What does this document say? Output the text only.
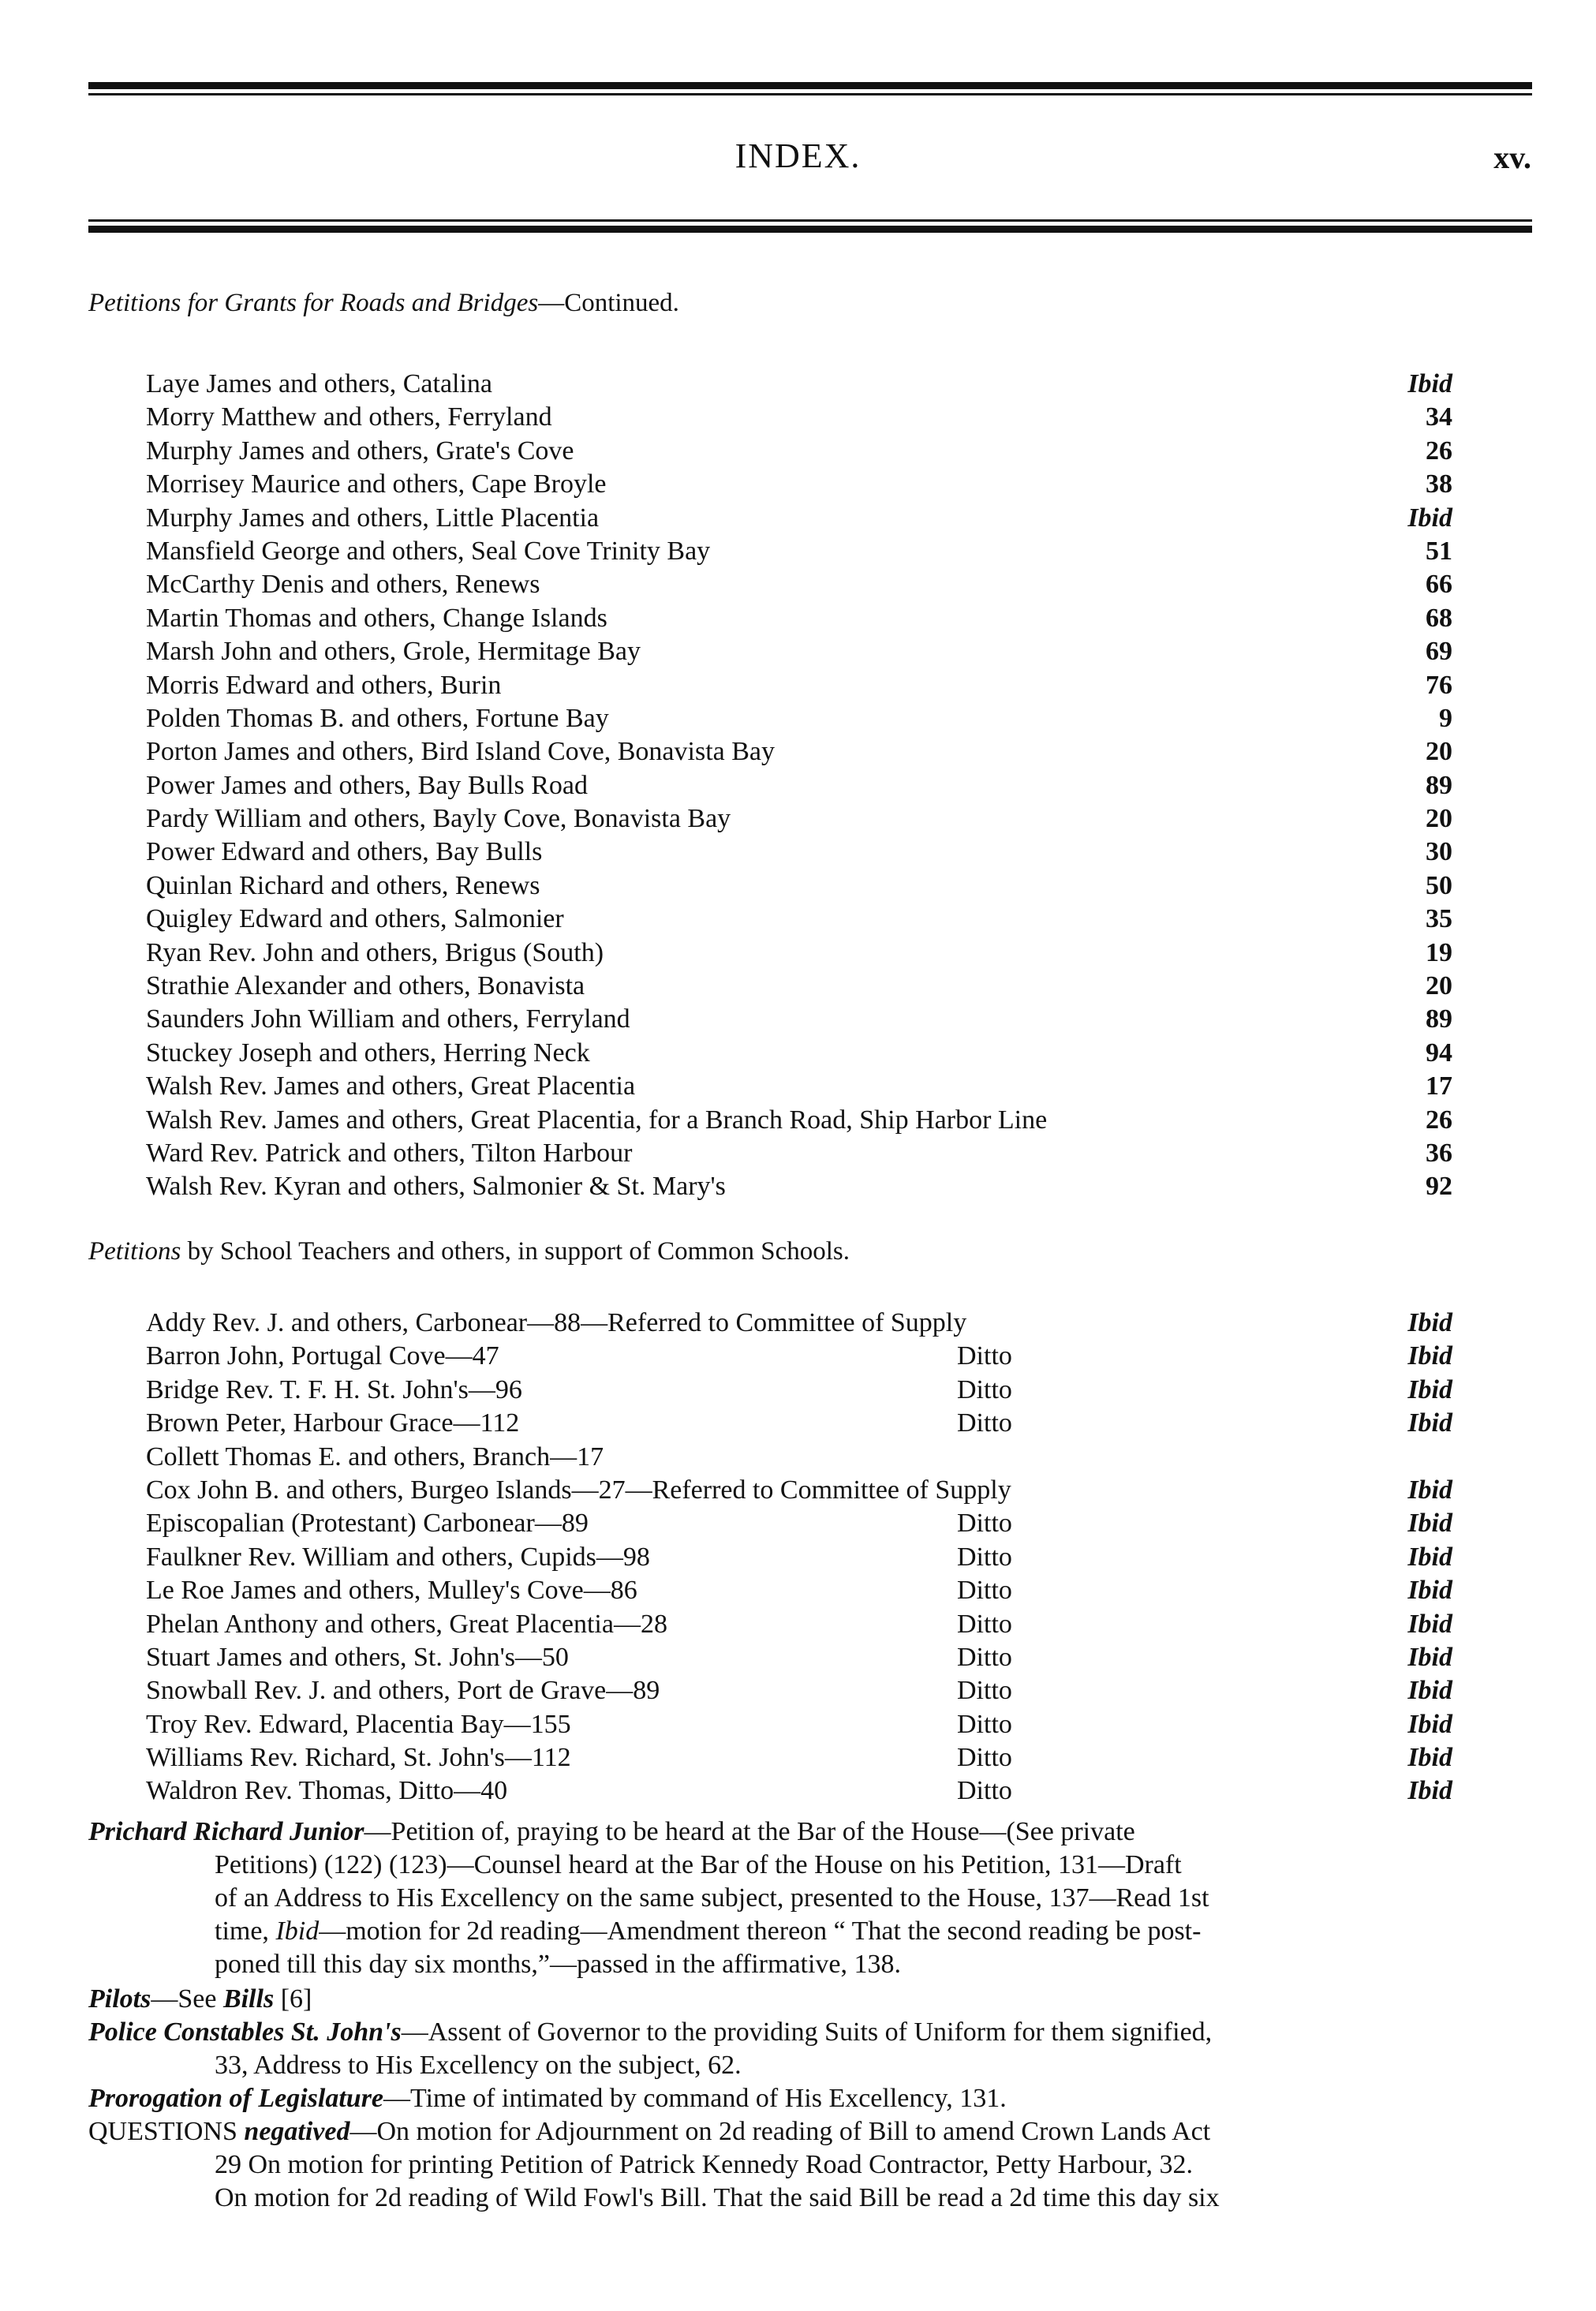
INDEX.	xv.
Petitions for Grants for Roads and Bridges—Continued.
Laye James and others, Catalina	Ibid
Morry Matthew and others, Ferryland	34
Murphy James and others, Grate's Cove	26
Morrisey Maurice and others, Cape Broyle	38
Murphy James and others, Little Placentia	Ibid
Mansfield George and others, Seal Cove Trinity Bay	51
McCarthy Denis and others, Renews	66
Martin Thomas and others, Change Islands	68
Marsh John and others, Grole, Hermitage Bay	69
Morris Edward and others, Burin	76
Polden Thomas B. and others, Fortune Bay	9
Porton James and others, Bird Island Cove, Bonavista Bay	20
Power James and others, Bay Bulls Road	89
Pardy William and others, Bayly Cove, Bonavista Bay	20
Power Edward and others, Bay Bulls	30
Quinlan Richard and others, Renews	50
Quigley Edward and others, Salmonier	35
Ryan Rev. John and others, Brigus (South)	19
Strathie Alexander and others, Bonavista	20
Saunders John William and others, Ferryland	89
Stuckey Joseph and others, Herring Neck	94
Walsh Rev. James and others, Great Placentia	17
Walsh Rev. James and others, Great Placentia, for a Branch Road, Ship Harbor Line	26
Ward Rev. Patrick and others, Tilton Harbour	36
Walsh Rev. Kyran and others, Salmonier & St. Mary's	92
Petitions by School Teachers and others, in support of Common Schools.
Addy Rev. J. and others, Carbonear—88—Referred to Committee of Supply	Ibid
Barron John, Portugal Cove—47	Ditto	Ibid
Bridge Rev. T. F. H. St. John's—96	Ditto	Ibid
Brown Peter, Harbour Grace—112	Ditto	Ibid
Collett Thomas E. and others, Branch—17
Cox John B. and others, Burgeo Islands—27—Referred to Committee of Supply	Ibid
Episcopalian (Protestant) Carbonear—89	Ditto	Ibid
Faulkner Rev. William and others, Cupids—98	Ditto	Ibid
Le Roe James and others, Mulley's Cove—86	Ditto	Ibid
Phelan Anthony and others, Great Placentia—28	Ditto	Ibid
Stuart James and others, St. John's—50	Ditto	Ibid
Snowball Rev. J. and others, Port de Grave—89	Ditto	Ibid
Troy Rev. Edward, Placentia Bay—155	Ditto	Ibid
Williams Rev. Richard, St. John's—112	Ditto	Ibid
Waldron Rev. Thomas, Ditto—40	Ditto	Ibid
Prichard Richard Junior—Petition of, praying to be heard at the Bar of the House—(See private
Petitions) (122) (123)—Counsel heard at the Bar of the House on his Petition, 131—Draft
of an Address to His Excellency on the same subject, presented to the House, 137—Read 1st
time, Ibid—motion for 2d reading—Amendment thereon “ That the second reading be post-
poned till this day six months,”—passed in the affirmative, 138.
Pilots—See Bills [6]
Police Constables St. John's—Assent of Governor to the providing Suits of Uniform for them signified,
33, Address to His Excellency on the subject, 62.
Prorogation of Legislature—Time of intimated by command of His Excellency, 131.
QUESTIONS negatived—On motion for Adjournment on 2d reading of Bill to amend Crown Lands Act
29 On motion for printing Petition of Patrick Kennedy Road Contractor, Petty Harbour, 32.
On motion for 2d reading of Wild Fowl's Bill. That the said Bill be read a 2d time this day six
